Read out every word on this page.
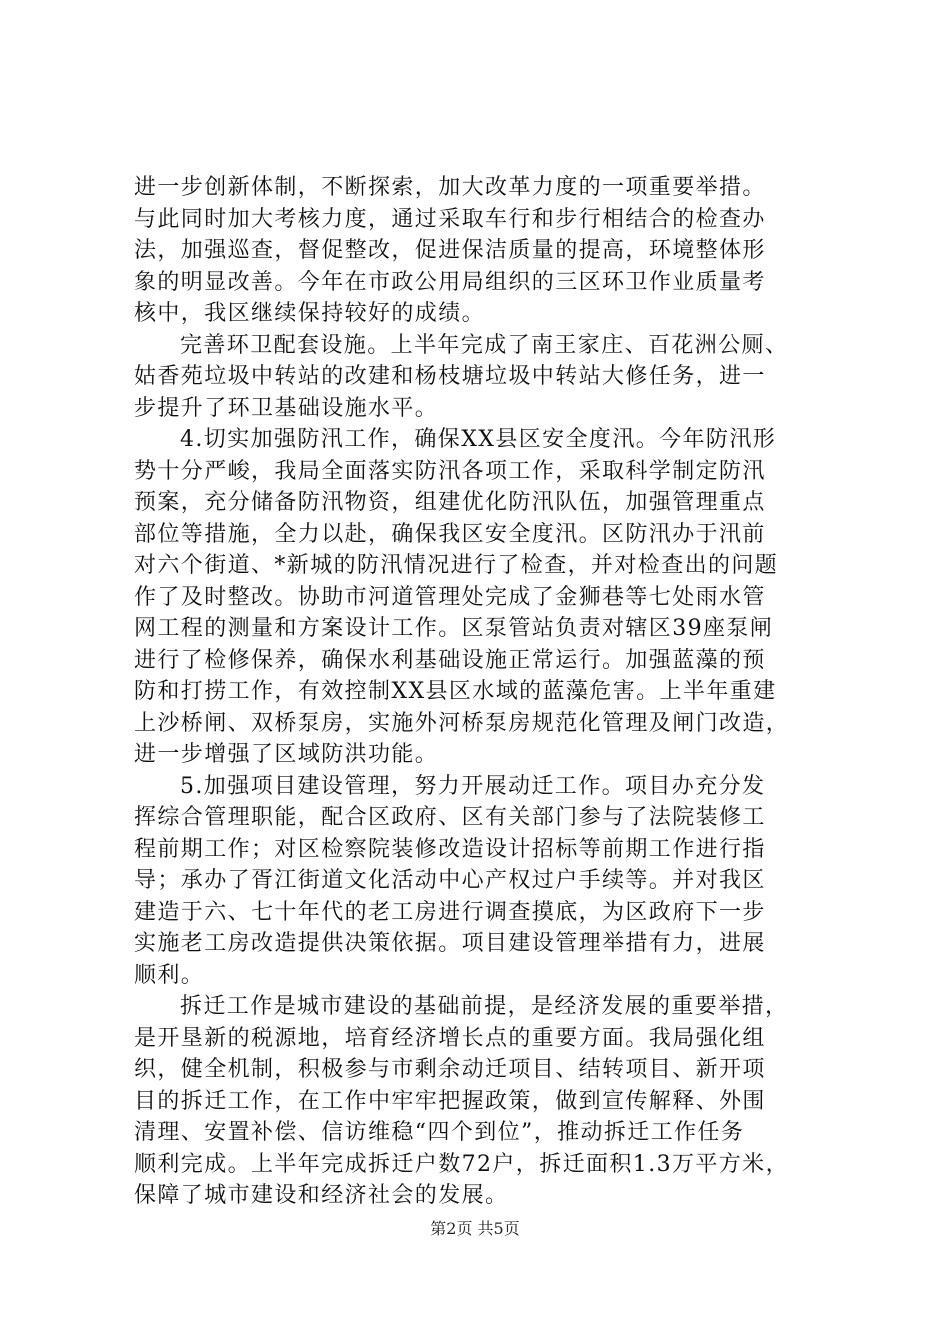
进一步创新体制，不断探索，加大改革力度的一项重要举措。
与此同时加大考核力度，通过采取车行和步行相结合的检查办
法，加强巡查，督促整改，促进保洁质量的提高，环境整体形
象的明显改善。今年在市政公用局组织的三区环卫作业质量考
核中，我区继续保持较好的成绩。
完善环卫配套设施。上半年完成了南王家庄、百花洲公厕、
姑香苑垃圾中转站的改建和杨枝塘垃圾中转站大修任务，进一
步提升了环卫基础设施水平。
4.切实加强防汛工作，确保XX县区安全度汛。今年防汛形
势十分严峻，我局全面落实防汛各项工作，采取科学制定防汛
预案，充分储备防汛物资，组建优化防汛队伍，加强管理重点
部位等措施，全力以赴，确保我区安全度汛。区防汛办于汛前
对六个街道、*新城的防汛情况进行了检查，并对检查出的问题
作了及时整改。协助市河道管理处完成了金狮巷等七处雨水管
网工程的测量和方案设计工作。区泵管站负责对辖区39座泵闸
进行了检修保养，确保水利基础设施正常运行。加强蓝藻的预
防和打捞工作，有效控制XX县区水域的蓝藻危害。上半年重建
上沙桥闸、双桥泵房，实施外河桥泵房规范化管理及闸门改造，
进一步增强了区域防洪功能。
5.加强项目建设管理，努力开展动迁工作。项目办充分发
挥综合管理职能，配合区政府、区有关部门参与了法院装修工
程前期工作；对区检察院装修改造设计招标等前期工作进行指
导；承办了胥江街道文化活动中心产权过户手续等。并对我区
建造于六、七十年代的老工房进行调查摸底，为区政府下一步
实施老工房改造提供决策依据。项目建设管理举措有力，进展
顺利。
拆迁工作是城市建设的基础前提，是经济发展的重要举措，
是开垦新的税源地，培育经济增长点的重要方面。我局强化组
织，健全机制，积极参与市剩余动迁项目、结转项目、新开项
目的拆迁工作，在工作中牢牢把握政策，做到宣传解释、外围
清理、安置补偿、信访维稳“四个到位”，推动拆迁工作任务
顺利完成。上半年完成拆迁户数72户，拆迁面积1.3万平方米，
保障了城市建设和经济社会的发展。
第2页 共5页
